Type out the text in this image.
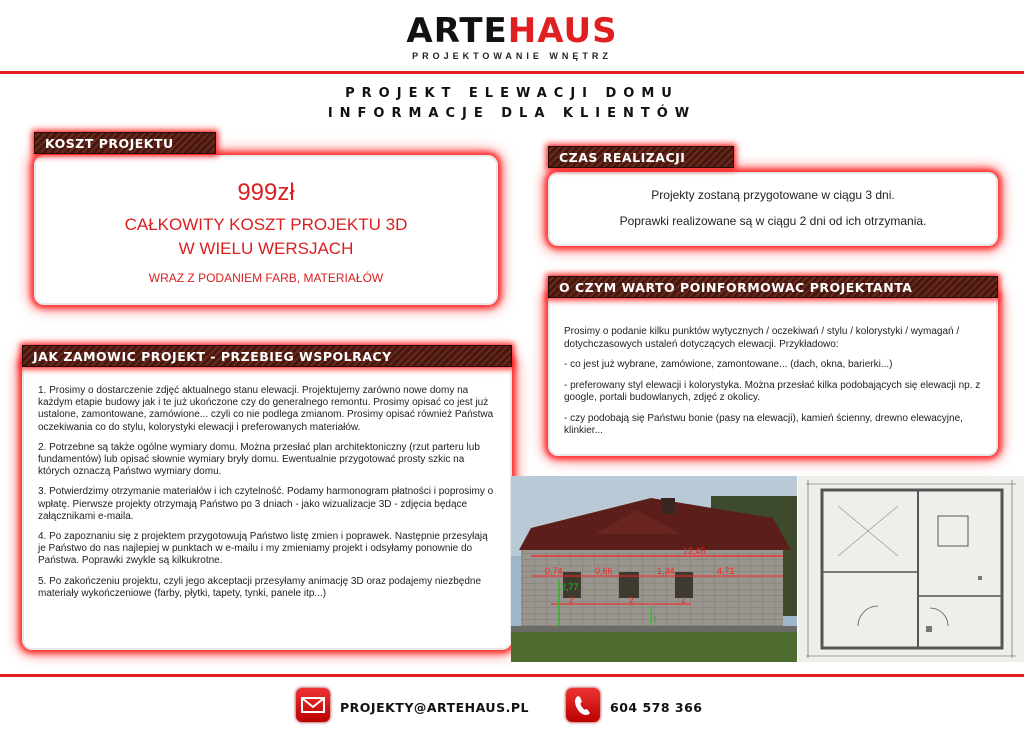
ARTEHAUS
PROJEKTOWANIE WNĘTRZ
PROJEKT ELEWACJI DOMU
INFORMACJE DLA KLIENTÓW
999zł
CAŁKOWITY KOSZT PROJEKTU 3D
W WIELU WERSJACH
WRAZ Z PODANIEM FARB, MATERIAŁÓW
KOSZT PROJEKTU

Projekty zostaną przygotowane w ciągu 3 dni.

Poprawki realizowane są w ciągu 2 dni od ich otrzymania.

CZAS REALIZACJI

Prosimy o podanie kilku punktów wytycznych / oczekiwań / stylu / kolorystyki / wymagań / dotychczasowych ustaleń dotyczących elewacji. Przykładowo:

- co jest już wybrane, zamówione, zamontowane... (dach, okna, barierki...)

- preferowany styl elewacji i kolorystyka. Można przesłać kilka podobających się elewacji np. z google, portali budowlanych, zdjęć z okolicy.

- czy podobają się Państwu bonie (pasy na elewacji), kamień ścienny, drewno elewacyjne, klinkier...

O CZYM WARTO POINFORMOWAC PROJEKTANTA

1. Prosimy o dostarczenie zdjęć aktualnego stanu elewacji. Projektujemy zarówno nowe domy na każdym etapie budowy jak i te już ukończone czy do generalnego remontu. Prosimy opisać co jest już ustalone, zamontowane, zamówione... czyli co nie podlega zmianom. Prosimy opisać również Państwa oczekiwania co do stylu, kolorystyki elewacji i preferowanych materiałów.

2. Potrzebne są także ogólne wymiary domu. Można przesłać plan architektoniczny (rzut parteru lub fundamentów) lub opisać słownie wymiary bryły domu. Ewentualnie przygotować prosty szkic na których oznaczą Państwo wymiary domu.

3. Potwierdzimy otrzymanie materiałów i ich czytelność. Podamy harmonogram płatności i poprosimy o wpłatę. Pierwsze projekty otrzymają Państwo po 3 dniach - jako wizualizacje 3D - zdjęcia będące załącznikami e-maila.

4. Po zapoznaniu się z projektem przygotowują Państwo listę zmien i poprawek. Następnie przesyłają je Państwo do nas najlepiej w punktach w e-mailu i my zmieniamy projekt i odsyłamy ponownie do Państwa. Poprawki zwykle są kilkukrotne.

5. Po zakończeniu projektu, czyli jego akceptacji przesyłamy animację 3D oraz podajemy niezbędne materiały wykończeniowe (farby, płytki, tapety, tynki, panele itp...)

JAK ZAMOWIC PROJEKT - PRZEBIEG WSPOLRACY
12,46
0,74	0,66	1,34	4,71
2,77
2	2	1
1
PROJEKTY@ARTEHAUS.PL	604 578 366
